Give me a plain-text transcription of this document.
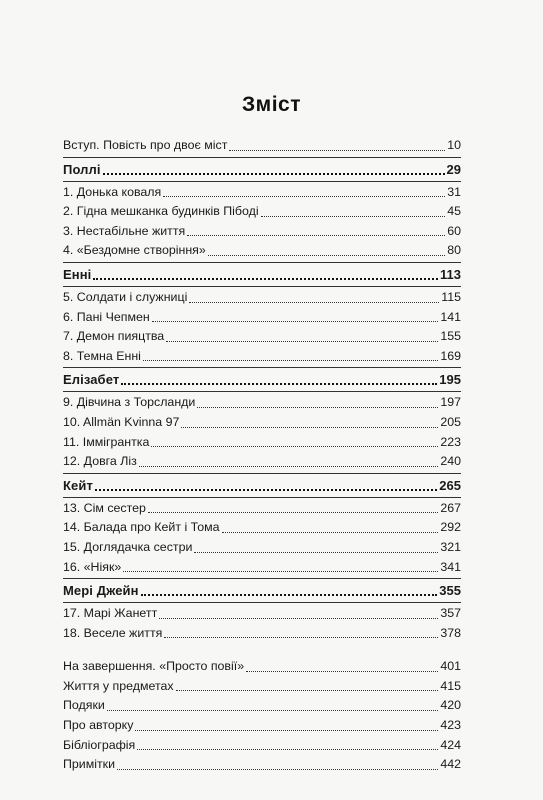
Зміст
Вступ. Повість про двоє міст	10
Поллі	29
1. Донька коваля	31
2. Гідна мешканка будинків Пібоді	45
3. Нестабільне життя	60
4. «Бездомне створіння»	80
Енні	113
5. Солдати і служниці	115
6. Пані Чепмен	141
7. Демон пияцтва	155
8. Темна Енні	169
Елізабет	195
9. Дівчина з Торсланди	197
10. Allmän Kvinna 97	205
11. Іммігрантка	223
12. Довга Ліз	240
Кейт	265
13. Сім сестер	267
14. Балада про Кейт і Тома	292
15. Доглядачка сестри	321
16. «Ніяк»	341
Мері Джейн	355
17. Марі Жанетт	357
18. Веселе життя	378
На завершення. «Просто повії»	401
Життя у предметах	415
Подяки	420
Про авторку	423
Бібліографія	424
Примітки	442
